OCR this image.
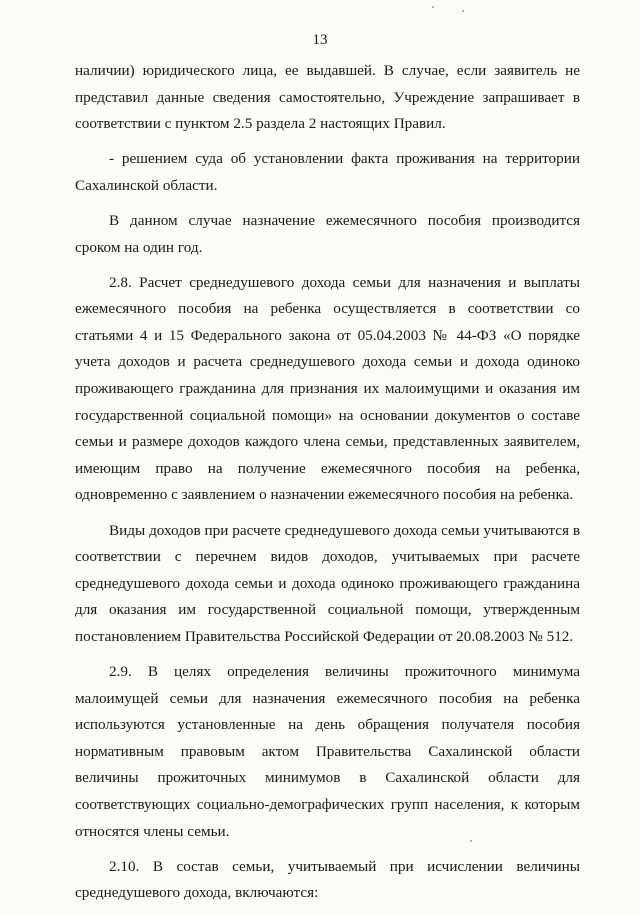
13

наличии) юридического лица, ее выдавшей. В случае, если заявитель не представил данные сведения самостоятельно, Учреждение запрашивает в соответствии с пунктом 2.5 раздела 2 настоящих Правил.

- решением суда об установлении факта проживания на территории Сахалинской области.

В данном случае назначение ежемесячного пособия производится сроком на один год.

2.8. Расчет среднедушевого дохода семьи для назначения и выплаты ежемесячного пособия на ребенка осуществляется в соответствии со статьями 4 и 15 Федерального закона от 05.04.2003 № 44-ФЗ «О порядке учета доходов и расчета среднедушевого дохода семьи и дохода одиноко проживающего гражданина для признания их малоимущими и оказания им государственной социальной помощи» на основании документов о составе семьи и размере доходов каждого члена семьи, представленных заявителем, имеющим право на получение ежемесячного пособия на ребенка, одновременно с заявлением о назначении ежемесячного пособия на ребенка.

Виды доходов при расчете среднедушевого дохода семьи учитываются в соответствии с перечнем видов доходов, учитываемых при расчете среднедушевого дохода семьи и дохода одиноко проживающего гражданина для оказания им государственной социальной помощи, утвержденным постановлением Правительства Российской Федерации от 20.08.2003 № 512.

2.9. В целях определения величины прожиточного минимума малоимущей семьи для назначения ежемесячного пособия на ребенка используются установленные на день обращения получателя пособия нормативным правовым актом Правительства Сахалинской области величины прожиточных минимумов в Сахалинской области для соответствующих социально-демографических групп населения, к которым относятся члены семьи.

2.10. В состав семьи, учитываемый при исчислении величины среднедушевого дохода, включаются:
